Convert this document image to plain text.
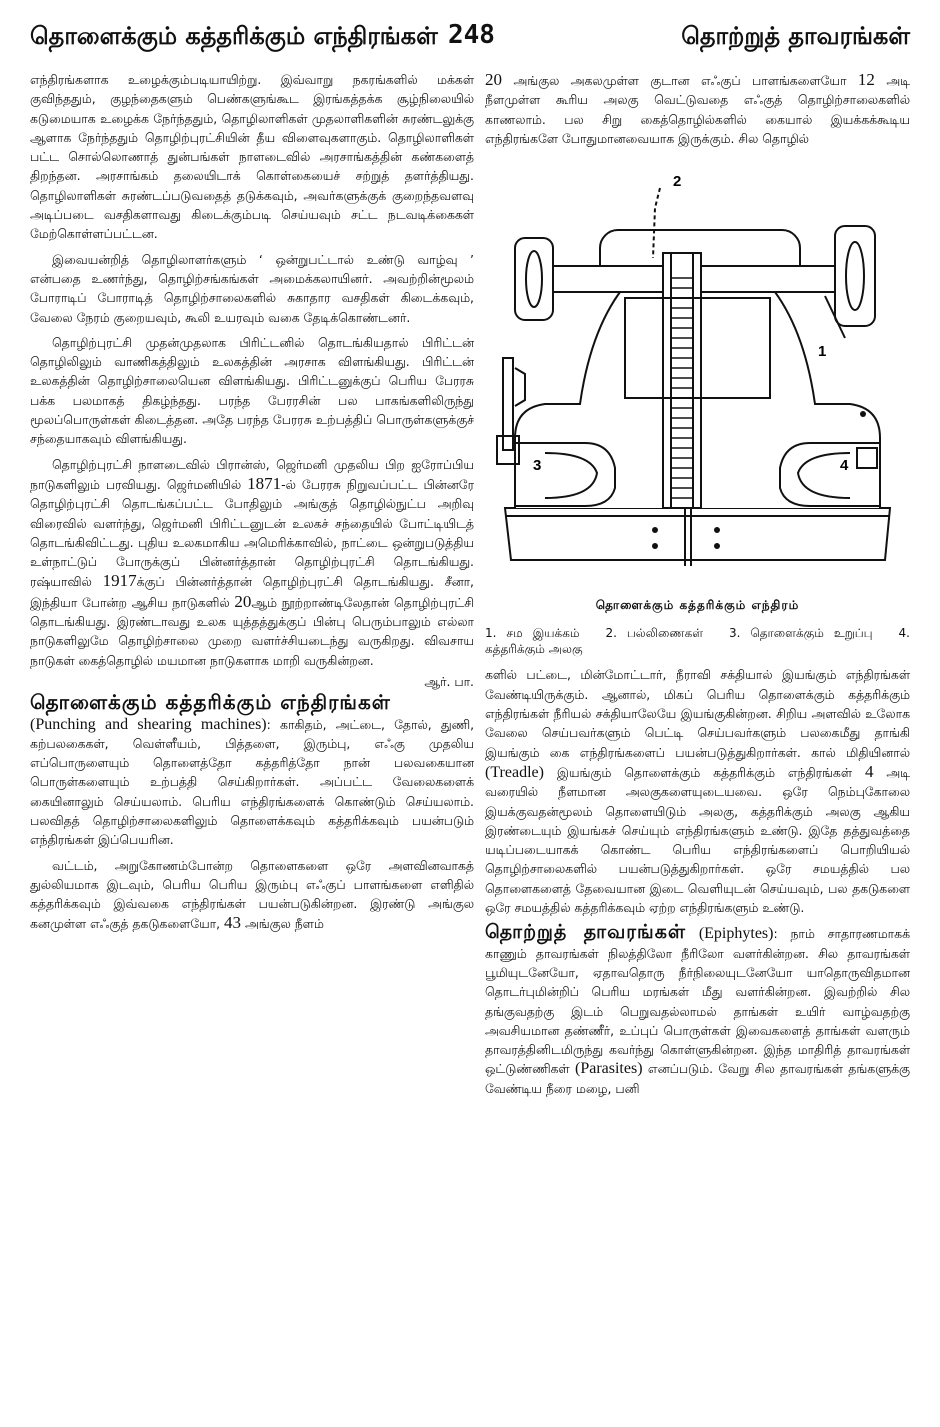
தொளைக்கும் கத்தரிக்கும் எந்திரங்கள் 248	தொற்றுத் தாவரங்கள்

எந்திரங்களாக உழைக்கும்படியாயிற்று. இவ்வாறு நகரங்களில் மக்கள் குவிந்ததும், குழந்தைகளும் பெண்களுங்கூட இரங்கத்தக்க சூழ்நிலையில் கடுமையாக உழைக்க நேர்ந்ததும், தொழிலாளிகள் முதலாளிகளின் சுரண்டலுக்கு ஆளாக நேர்ந்ததும் தொழிற்புரட்சியின் தீய விளைவுகளாகும். தொழிலாளிகள் பட்ட சொல்லொணாத் துன்பங்கள் நாளடைவில் அரசாங்கத்தின் கண்களைத் திறந்தன. அரசாங்கம் தலையிடாக் கொள்கையைச் சற்றுத் தளர்த்தியது. தொழிலாளிகள் சுரண்டப்படுவதைத் தடுக்கவும், அவர்களுக்குக் குறைந்தவளவு அடிப்படை வசதிகளாவது கிடைக்கும்படி செய்யவும் சட்ட நடவடிக்கைகள் மேற்கொள்ளப்பட்டன.

இவையன்றித் தொழிலாளர்களும் ‘ ஒன்றுபட்டால் உண்டு வாழ்வு ’ என்பதை உணர்ந்து, தொழிற்சங்கங்கள் அமைக்கலாயினர். அவற்றின்மூலம் போராடிப் போராடித் தொழிற்சாலைகளில் சுகாதார வசதிகள் கிடைக்கவும், வேலை நேரம் குறையவும், கூலி உயரவும் வகை தேடிக்கொண்டனர்.

தொழிற்புரட்சி முதன்முதலாக பிரிட்டனில் தொடங்கியதால் பிரிட்டன் தொழிலிலும் வாணிகத்திலும் உலகத்தின் அரசாக விளங்கியது. பிரிட்டன் உலகத்தின் தொழிற்சாலையென விளங்கியது. பிரிட்டனுக்குப் பெரிய பேரரசு பக்க பலமாகத் திகழ்ந்தது. பரந்த பேரரசின் பல பாகங்களிலிருந்து மூலப்பொருள்கள் கிடைத்தன. அதே பரந்த பேரரசு உற்பத்திப் பொருள்களுக்குச் சந்தையாகவும் விளங்கியது.

தொழிற்புரட்சி நாளடைவில் பிரான்ஸ், ஜெர்மனி முதலிய பிற ஐரோப்பிய நாடுகளிலும் பரவியது. ஜெர்மனியில் 1871-ல் பேரரசு நிறுவப்பட்ட பின்னரே தொழிற்புரட்சி தொடங்கப்பட்ட போதிலும் அங்குத் தொழில்நுட்ப அறிவு விரைவில் வளர்ந்து, ஜெர்மனி பிரிட்டனுடன் உலகச் சந்தையில் போட்டியிடத் தொடங்கிவிட்டது. புதிய உலகமாகிய அமெரிக்காவில், நாட்டை ஒன்றுபடுத்திய உள்நாட்டுப் போருக்குப் பின்னர்த்தான் தொழிற்புரட்சி தொடங்கியது. ரஷ்யாவில் 1917க்குப் பின்னர்த்தான் தொழிற்புரட்சி தொடங்கியது. சீனா, இந்தியா போன்ற ஆசிய நாடுகளில் 20ஆம் நூற்றாண்டிலேதான் தொழிற்புரட்சி தொடங்கியது. இரண்டாவது உலக யுத்தத்துக்குப் பின்பு பெரும்பாலும் எல்லா நாடுகளிலுமே தொழிற்சாலை முறை வளர்ச்சியடைந்து வருகிறது. விவசாய நாடுகள் கைத்தொழில் மயமான நாடுகளாக மாறி வருகின்றன.

ஆர். பா.
தொளைக்கும் கத்தரிக்கும் எந்திரங்கள்

(Punching and shearing machines): காகிதம், அட்டை, தோல், துணி, கற்பலகைகள், வெள்ளீயம், பித்தளை, இரும்பு, எஃகு முதலிய எப்பொருளையும் தொளைத்தோ கத்தரித்தோ நான் பலவகையான பொருள்களையும் உற்பத்தி செய்கிறார்கள். அப்பட்ட வேலைகளைக் கையினாலும் செய்யலாம். பெரிய எந்திரங்களைக் கொண்டும் செய்யலாம். பலவிதத் தொழிற்சாலைகளிலும் தொளைக்கவும் கத்தரிக்கவும் பயன்படும் எந்திரங்கள் இப்பெயரின.

வட்டம், அறுகோணம்போன்ற தொளைகளை ஒரே அளவினவாகத் துல்லியமாக இடவும், பெரிய பெரிய இரும்பு எஃகுப் பாளங்களை எளிதில் கத்தரிக்கவும் இவ்வகை எந்திரங்கள் பயன்படுகின்றன. இரண்டு அங்குல கனமுள்ள எஃகுத் தகடுகளையோ, 43 அங்குல நீளம்

20 அங்குல அகலமுள்ள குடான எஃகுப் பாளங்களையோ 12 அடி நீளமுள்ள கூரிய அலகு வெட்டுவதை எஃகுத் தொழிற்சாலைகளில் காணலாம். பல சிறு கைத்தொழில்களில் கையால் இயக்கக்கூடிய எந்திரங்களே போதுமானவையாக இருக்கும். சில தொழில்

2
1
3	4
தொளைக்கும் கத்தரிக்கும் எந்திரம்
1. சம இயக்கம் 2. பல்லிணைகள் 3. தொளைக்கும் உறுப்பு 4. கத்தரிக்கும் அலகு

களில் பட்டை, மின்மோட்டார், நீராவி சக்தியால் இயங்கும் எந்திரங்கள் வேண்டியிருக்கும். ஆனால், மிகப் பெரிய தொளைக்கும் கத்தரிக்கும் எந்திரங்கள் நீரியல் சக்தியாலேயே இயங்குகின்றன. சிறிய அளவில் உலோக வேலை செய்பவர்களும் பெட்டி செய்பவர்களும் பலகைமீது தாங்கி இயங்கும் கை எந்திரங்களைப் பயன்படுத்துகிறார்கள். கால் மிதியினால் (Treadle) இயங்கும் தொளைக்கும் கத்தரிக்கும் எந்திரங்கள் 4 அடி வரையில் நீளமான அலகுகளையுடையவை. ஒரே நெம்புகோலை இயக்குவதன்மூலம் தொளையிடும் அலகு, கத்தரிக்கும் அலகு ஆகிய இரண்டையும் இயங்கச் செய்யும் எந்திரங்களும் உண்டு. இதே தத்துவத்தை யடிப்படையாகக் கொண்ட பெரிய எந்திரங்களைப் பொறியியல் தொழிற்சாலைகளில் பயன்படுத்துகிறார்கள். ஒரே சமயத்தில் பல தொளைகளைத் தேவையான இடை வெளியுடன் செய்யவும், பல தகடுகளை ஒரே சமயத்தில் கத்தரிக்கவும் ஏற்ற எந்திரங்களும் உண்டு.

தொற்றுத் தாவரங்கள் (Epiphytes): நாம் சாதாரணமாகக் காணும் தாவரங்கள் நிலத்திலோ நீரிலோ வளர்கின்றன. சில தாவரங்கள் பூமியுடனேயோ, ஏதாவதொரு நீர்நிலையுடனேயோ யாதொருவிதமான தொடர்புமின்றிப் பெரிய மரங்கள் மீது வளர்கின்றன. இவற்றில் சில தங்குவதற்கு இடம் பெறுவதல்லாமல் தாங்கள் உயிர் வாழ்வதற்கு அவசியமான தண்ணீர், உப்புப் பொருள்கள் இவைகளைத் தாங்கள் வளரும் தாவரத்தினிடமிருந்து கவர்ந்து கொள்ளுகின்றன. இந்த மாதிரித் தாவரங்கள் ஒட்டுண்ணிகள் (Parasites) எனப்படும். வேறு சில தாவரங்கள் தங்களுக்கு வேண்டிய நீரை மழை, பனி
